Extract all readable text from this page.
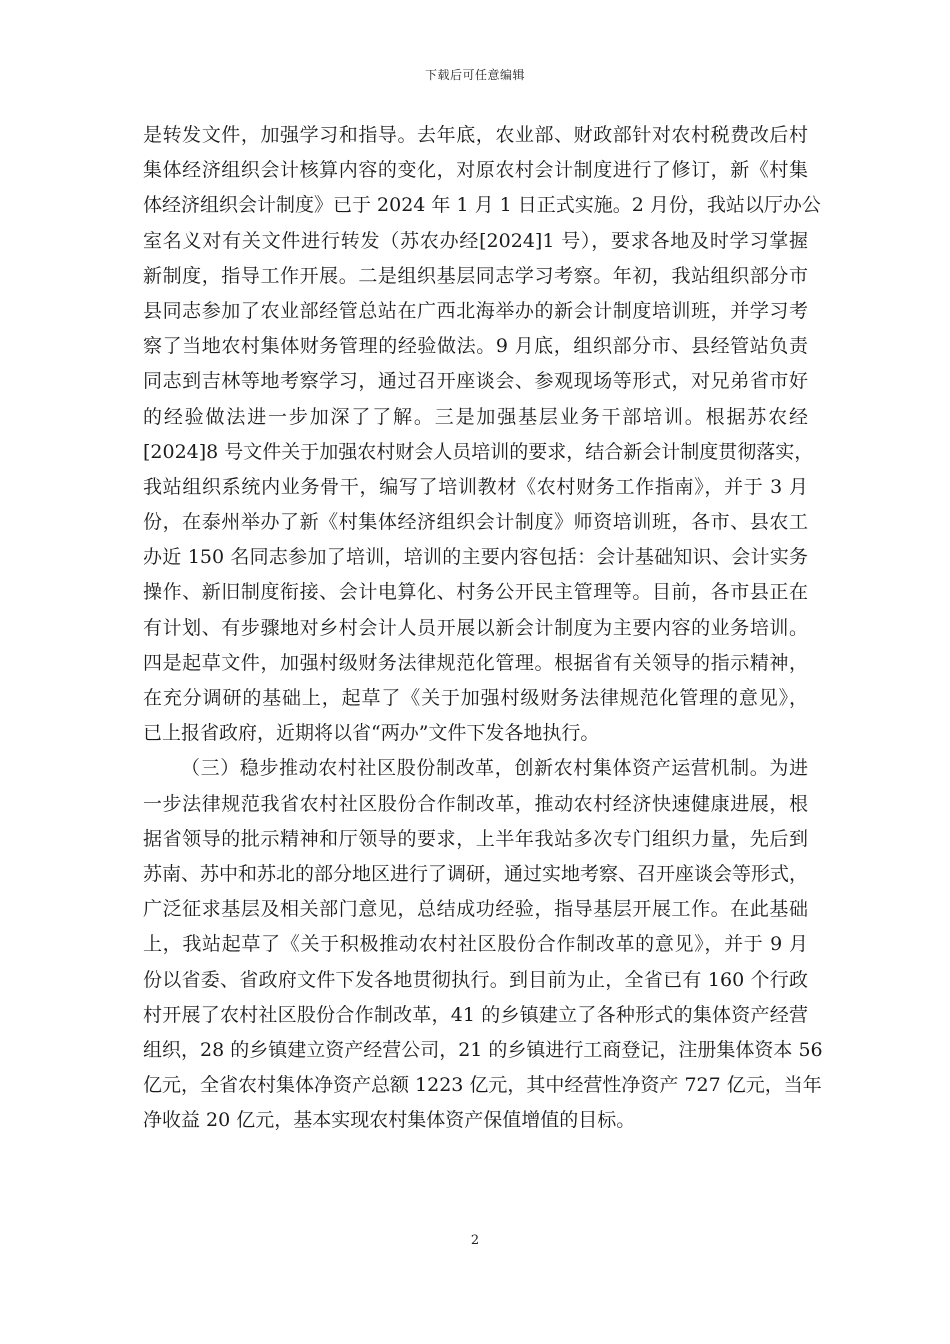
下载后可任意编辑
是转发文件，加强学习和指导。去年底，农业部、财政部针对农村税费改后村
集体经济组织会计核算内容的变化，对原农村会计制度进行了修订，新《村集
体经济组织会计制度》已于 2024 年 1 月 1 日正式实施。2 月份，我站以厅办公
室名义对有关文件进行转发（苏农办经[2024]1 号），要求各地及时学习掌握
新制度，指导工作开展。二是组织基层同志学习考察。年初，我站组织部分市
县同志参加了农业部经管总站在广西北海举办的新会计制度培训班，并学习考
察了当地农村集体财务管理的经验做法。9 月底，组织部分市、县经管站负责
同志到吉林等地考察学习，通过召开座谈会、参观现场等形式，对兄弟省市好
的经验做法进一步加深了了解。三是加强基层业务干部培训。根据苏农经
[2024]8 号文件关于加强农村财会人员培训的要求，结合新会计制度贯彻落实，
我站组织系统内业务骨干，编写了培训教材《农村财务工作指南》，并于 3 月
份，在泰州举办了新《村集体经济组织会计制度》师资培训班，各市、县农工
办近 150 名同志参加了培训，培训的主要内容包括：会计基础知识、会计实务
操作、新旧制度衔接、会计电算化、村务公开民主管理等。目前，各市县正在
有计划、有步骤地对乡村会计人员开展以新会计制度为主要内容的业务培训。
四是起草文件，加强村级财务法律规范化管理。根据省有关领导的指示精神，
在充分调研的基础上，起草了《关于加强村级财务法律规范化管理的意见》，
已上报省政府，近期将以省“两办”文件下发各地执行。
（三）稳步推动农村社区股份制改革，创新农村集体资产运营机制。为进
一步法律规范我省农村社区股份合作制改革，推动农村经济快速健康进展，根
据省领导的批示精神和厅领导的要求，上半年我站多次专门组织力量，先后到
苏南、苏中和苏北的部分地区进行了调研，通过实地考察、召开座谈会等形式，
广泛征求基层及相关部门意见，总结成功经验，指导基层开展工作。在此基础
上，我站起草了《关于积极推动农村社区股份合作制改革的意见》，并于 9 月
份以省委、省政府文件下发各地贯彻执行。到目前为止，全省已有 160 个行政
村开展了农村社区股份合作制改革，41 的乡镇建立了各种形式的集体资产经营
组织，28 的乡镇建立资产经营公司，21 的乡镇进行工商登记，注册集体资本 56
亿元，全省农村集体净资产总额 1223 亿元，其中经营性净资产 727 亿元，当年
净收益 20 亿元，基本实现农村集体资产保值增值的目标。
2
